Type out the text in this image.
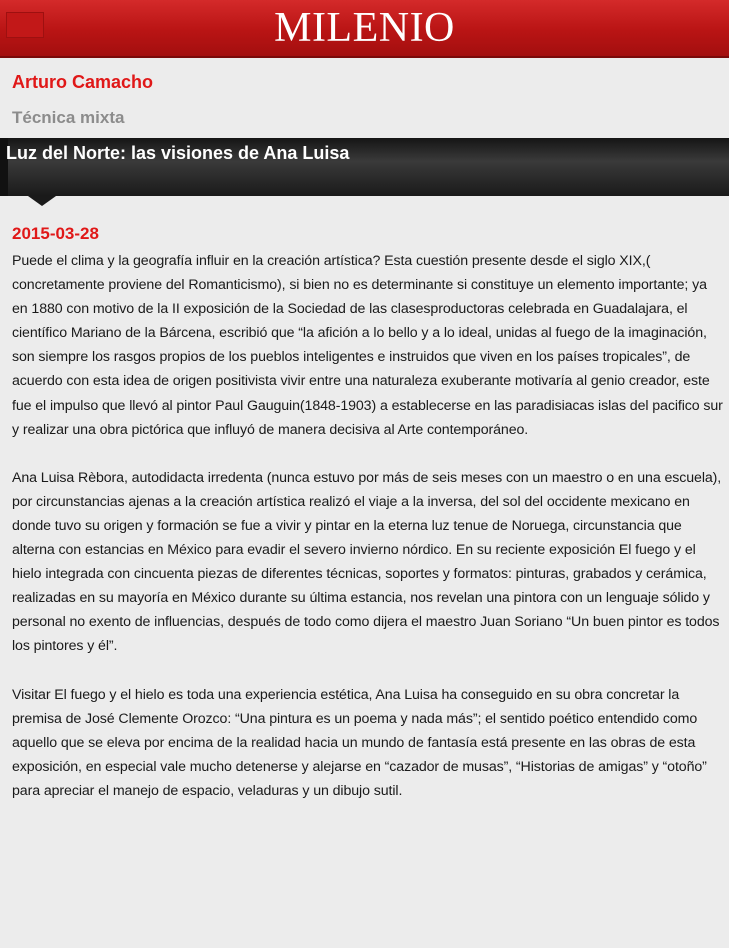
MILENIO
Arturo Camacho
Técnica mixta
Luz del Norte: las visiones de Ana Luisa
2015-03-28

Puede el clima y la geografía influir en la creación artística? Esta cuestión presente desde el siglo XIX,( concretamente proviene del Romanticismo), si bien no es determinante si constituye un elemento importante; ya en 1880 con motivo de la II exposición de la Sociedad de las clasesproductoras celebrada en Guadalajara, el científico Mariano de la Bárcena, escribió que “la afición a lo bello y a lo ideal, unidas al fuego de la imaginación, son siempre los rasgos propios de los pueblos inteligentes e instruidos que viven en los países tropicales”, de acuerdo con esta idea de origen positivista vivir entre una naturaleza exuberante motivaría al genio creador, este fue el impulso que llevó al pintor Paul Gauguin(1848-1903) a establecerse en las paradisiacas islas del pacifico sur y realizar una obra pictórica que influyó de manera decisiva al Arte contemporáneo.

Ana Luisa Rèbora, autodidacta irredenta (nunca estuvo por más de seis meses con un maestro o en una escuela), por circunstancias ajenas a la creación artística realizó el viaje a la inversa, del sol del occidente mexicano en donde tuvo su origen y formación se fue a vivir y pintar en la eterna luz tenue de Noruega, circunstancia que alterna con estancias en México para evadir el severo invierno nórdico. En su reciente exposición El fuego y el hielo integrada con cincuenta piezas de diferentes técnicas, soportes y formatos: pinturas, grabados y cerámica, realizadas en su mayoría en México durante su última estancia, nos revelan una pintora con un lenguaje sólido y personal no exento de influencias, después de todo como dijera el maestro Juan Soriano “Un buen pintor es todos los pintores y él”.

Visitar El fuego y el hielo es toda una experiencia estética, Ana Luisa ha conseguido en su obra concretar la premisa de José Clemente Orozco: “Una pintura es un poema y nada más”; el sentido poético entendido como aquello que se eleva por encima de la realidad hacia un mundo de fantasía está presente en las obras de esta exposición, en especial vale mucho detenerse y alejarse en “cazador de musas”, “Historias de amigas” y “otoño” para apreciar el manejo de espacio, veladuras y un dibujo sutil.
